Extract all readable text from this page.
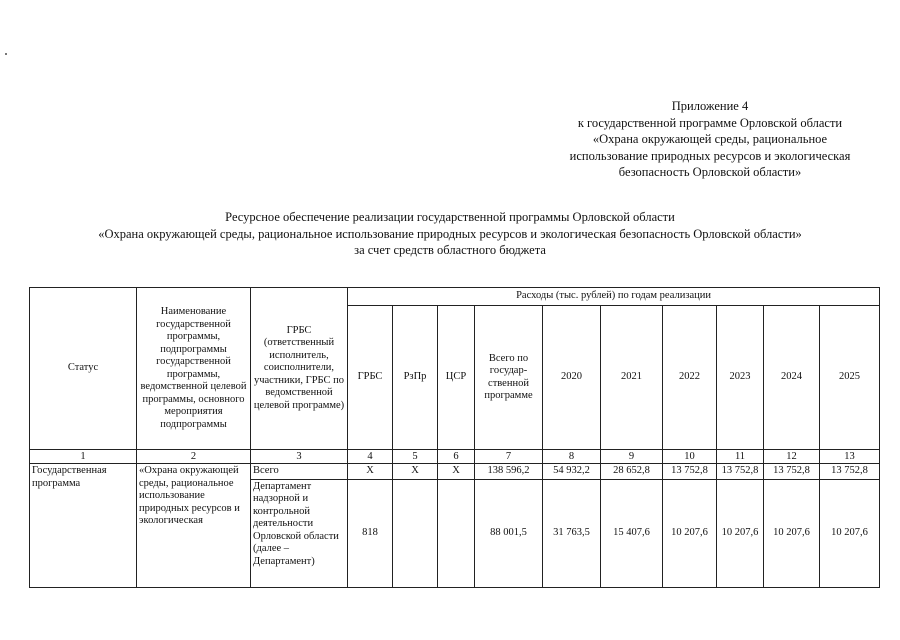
Приложение 4
к государственной программе Орловской области
«Охрана окружающей среды, рациональное
использование природных ресурсов и экологическая
безопасность Орловской области»
Ресурсное обеспечение реализации государственной программы Орловской области
«Охрана окружающей среды, рациональное использование природных ресурсов и экологическая безопасность Орловской области»
за счет средств областного бюджета
Статус	Наименование государственной программы, подпрограммы государственной программы, ведомственной целевой программы, основного мероприятия подпрограммы	ГРБС (ответственный исполнитель, соисполнители, участники, ГРБС по ведомственной целевой программе)	Расходы (тыс. рублей) по годам реализации									
			ГРБС	РзПр	ЦСР	Всего по государ-ственной программе	2020	2021	2022	2023	2024	2025
1	2	3	4	5	6	7	8	9	10	11	12	13
Государственная программа	«Охрана окружающей среды, рациональное использование природных ресурсов и экологическая	Всего	Х	Х	Х	138 596,2	54 932,2	28 652,8	13 752,8	13 752,8	13 752,8	13 752,8
		Департамент надзорной и контрольной деятельности Орловской области (далее – Департамент)	818			88 001,5	31 763,5	15 407,6	10 207,6	10 207,6	10 207,6	10 207,6
